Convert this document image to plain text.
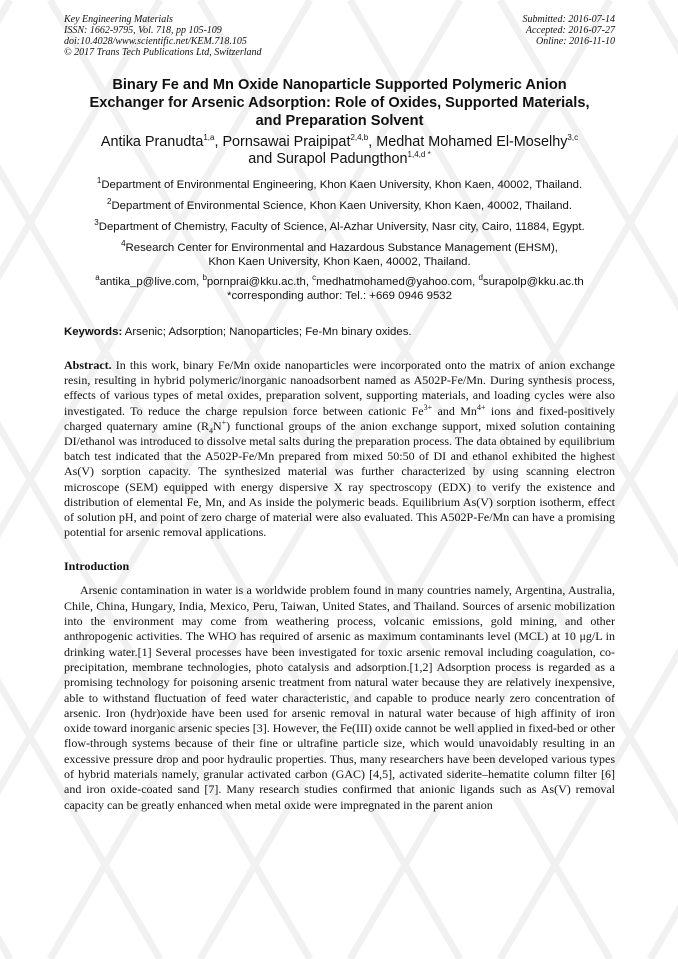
Key Engineering Materials
ISSN: 1662-9795, Vol. 718, pp 105-109
doi:10.4028/www.scientific.net/KEM.718.105
© 2017 Trans Tech Publications Ltd, Switzerland
Submitted: 2016-07-14
Accepted: 2016-07-27
Online: 2016-11-10
Binary Fe and Mn Oxide Nanoparticle Supported Polymeric Anion
Exchanger for Arsenic Adsorption: Role of Oxides, Supported Materials,
and Preparation Solvent
Antika Pranudta$^{1,a}$, Pornsawai Praipipat$^{2,4,b}$, Medhat Mohamed El-Moselhy$^{3,c}$
and Surapol Padungthon$^{1,4,d *}$
$^1$Department of Environmental Engineering, Khon Kaen University, Khon Kaen, 40002, Thailand.
$^2$Department of Environmental Science, Khon Kaen University, Khon Kaen, 40002, Thailand.
$^3$Department of Chemistry, Faculty of Science, Al-Azhar University, Nasr city, Cairo, 11884, Egypt.
$^4$Research Center for Environmental and Hazardous Substance Management (EHSM),
Khon Kaen University, Khon Kaen, 40002, Thailand.
$^a$antika_p@live.com, $^b$pornprai@kku.ac.th, $^c$medhatmohamed@yahoo.com, $^d$surapolp@kku.ac.th
*corresponding author: Tel.: +669 0946 9532
Keywords: Arsenic; Adsorption; Nanoparticles; Fe-Mn binary oxides.
Abstract. In this work, binary Fe/Mn oxide nanoparticles were incorporated onto the matrix of anion exchange resin, resulting in hybrid polymeric/inorganic nanoadsorbent named as A502P-Fe/Mn. During synthesis process, effects of various types of metal oxides, preparation solvent, supporting materials, and loading cycles were also investigated. To reduce the charge repulsion force between cationic $Fe^{3+}$ and $Mn^{4+}$ ions and fixed-positively charged quaternary amine $(R_4N^+)$ functional groups of the anion exchange support, mixed solution containing DI/ethanol was introduced to dissolve metal salts during the preparation process. The data obtained by equilibrium batch test indicated that the A502P-Fe/Mn prepared from mixed 50:50 of DI and ethanol exhibited the highest As(V) sorption capacity. The synthesized material was further characterized by using scanning electron microscope (SEM) equipped with energy dispersive X ray spectroscopy (EDX) to verify the existence and distribution of elemental Fe, Mn, and As inside the polymeric beads. Equilibrium As(V) sorption isotherm, effect of solution pH, and point of zero charge of material were also evaluated. This A502P-Fe/Mn can have a promising potential for arsenic removal applications.
Introduction
Arsenic contamination in water is a worldwide problem found in many countries namely, Argentina, Australia, Chile, China, Hungary, India, Mexico, Peru, Taiwan, United States, and Thailand. Sources of arsenic mobilization into the environment may come from weathering process, volcanic emissions, gold mining, and other anthropogenic activities. The WHO has required of arsenic as maximum contaminants level (MCL) at 10 μg/L in drinking water.[1] Several processes have been investigated for toxic arsenic removal including coagulation, co-precipitation, membrane technologies, photo catalysis and adsorption.[1,2] Adsorption process is regarded as a promising technology for poisoning arsenic treatment from natural water because they are relatively inexpensive, able to withstand fluctuation of feed water characteristic, and capable to produce nearly zero concentration of arsenic. Iron (hydr)oxide have been used for arsenic removal in natural water because of high affinity of iron oxide toward inorganic arsenic species [3]. However, the Fe(III) oxide cannot be well applied in fixed-bed or other flow-through systems because of their fine or ultrafine particle size, which would unavoidably resulting in an excessive pressure drop and poor hydraulic properties. Thus, many researchers have been developed various types of hybrid materials namely, granular activated carbon (GAC) [4,5], activated siderite–hematite column filter [6] and iron oxide-coated sand [7]. Many research studies confirmed that anionic ligands such as As(V) removal capacity can be greatly enhanced when metal oxide were impregnated in the parent anion
